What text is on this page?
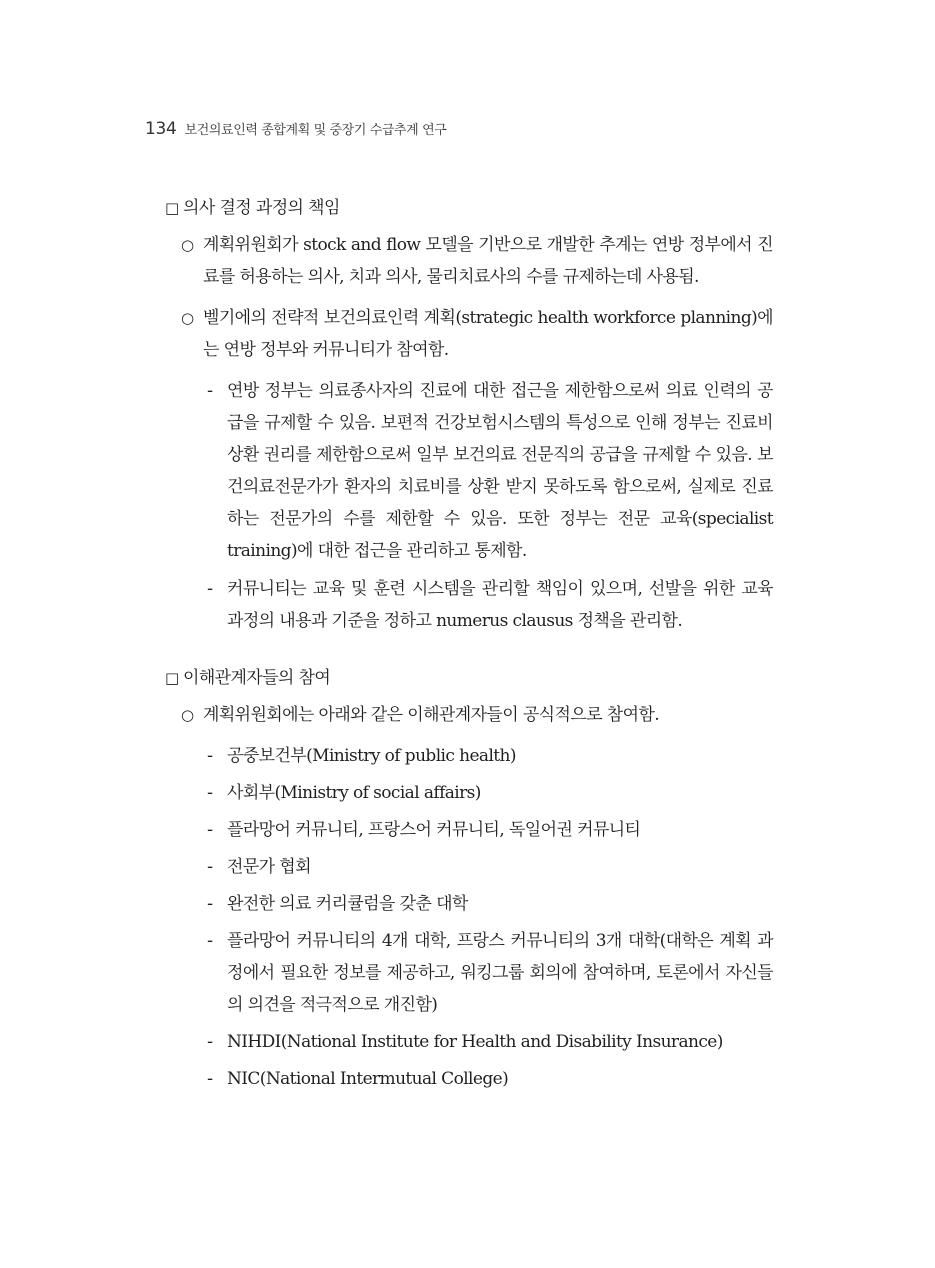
134 보건의료인력 종합계획 및 중장기 수급추계 연구
□ 의사 결정 과정의 책임
○ 계획위원회가 stock and flow 모델을 기반으로 개발한 추계는 연방 정부에서 진료를 허용하는 의사, 치과 의사, 물리치료사의 수를 규제하는데 사용됨.
○ 벨기에의 전략적 보건의료인력 계획(strategic health workforce planning)에는 연방 정부와 커뮤니티가 참여함.
- 연방 정부는 의료종사자의 진료에 대한 접근을 제한함으로써 의료 인력의 공급을 규제할 수 있음. 보편적 건강보험시스템의 특성으로 인해 정부는 진료비 상환 권리를 제한함으로써 일부 보건의료 전문직의 공급을 규제할 수 있음. 보건의료전문가가 환자의 치료비를 상환 받지 못하도록 함으로써, 실제로 진료하는 전문가의 수를 제한할 수 있음. 또한 정부는 전문 교육(specialist training)에 대한 접근을 관리하고 통제함.
- 커뮤니티는 교육 및 훈련 시스템을 관리할 책임이 있으며, 선발을 위한 교육 과정의 내용과 기준을 정하고 numerus clausus 정책을 관리함.
□ 이해관계자들의 참여
○ 계획위원회에는 아래와 같은 이해관계자들이 공식적으로 참여함.
- 공중보건부(Ministry of public health)
- 사회부(Ministry of social affairs)
- 플라망어 커뮤니티, 프랑스어 커뮤니티, 독일어권 커뮤니티
- 전문가 협회
- 완전한 의료 커리큘럼을 갖춘 대학
- 플라망어 커뮤니티의 4개 대학, 프랑스 커뮤니티의 3개 대학(대학은 계획 과정에서 필요한 정보를 제공하고, 워킹그룹 회의에 참여하며, 토론에서 자신들의 의견을 적극적으로 개진함)
- NIHDI(National Institute for Health and Disability Insurance)
- NIC(National Intermutual College)
